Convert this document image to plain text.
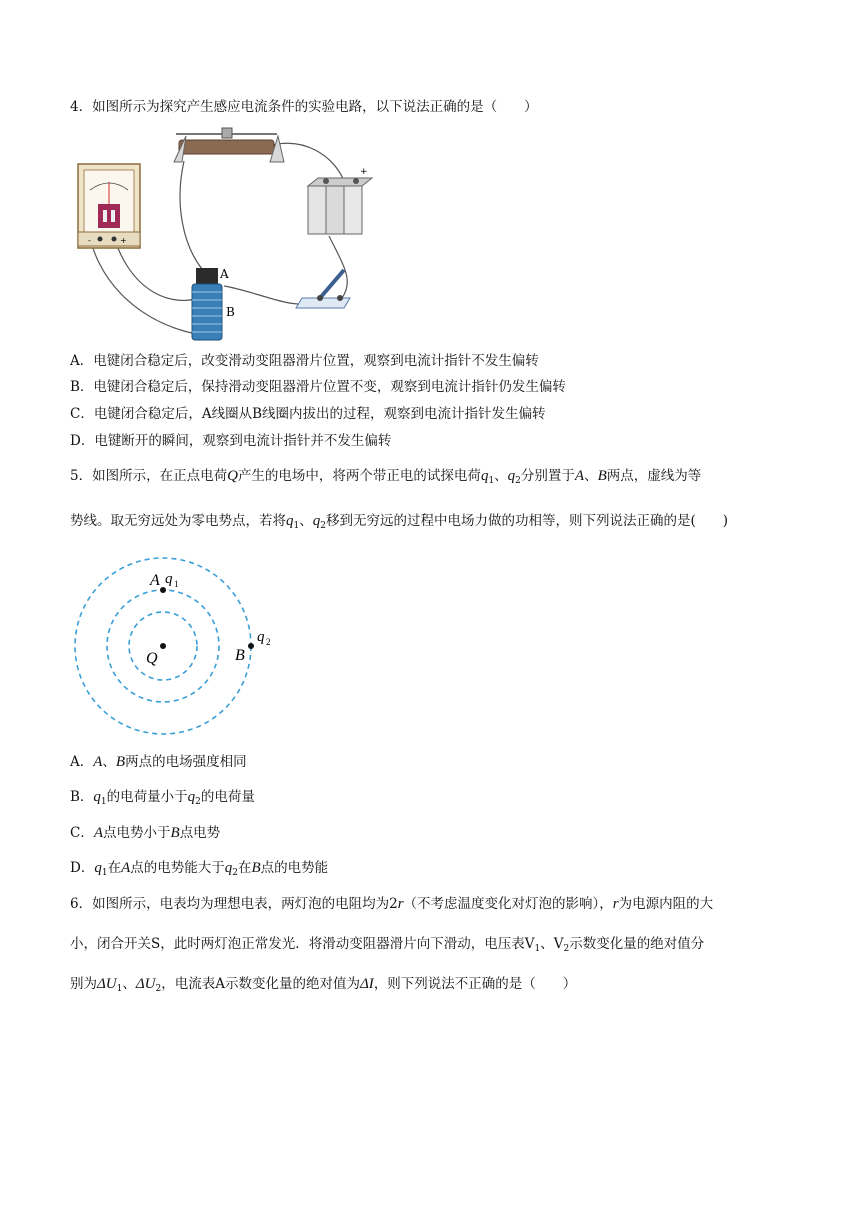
4．如图所示为探究产生感应电流条件的实验电路，以下说法正确的是（　　）
-	+
+
A
B
A．电键闭合稳定后，改变滑动变阻器滑片位置，观察到电流计指针不发生偏转
B．电键闭合稳定后，保持滑动变阻器滑片位置不变，观察到电流计指针仍发生偏转
C．电键闭合稳定后，A线圈从B线圈内拔出的过程，观察到电流计指针发生偏转
D．电键断开的瞬间，观察到电流计指针并不发生偏转
5．如图所示，在正点电荷Q产生的电场中，将两个带正电的试探电荷$q_1$、$q_2$分别置于A、B两点，虚线为等
势线。取无穷远处为零电势点，若将$q_1$、$q_2$移到无穷远的过程中电场力做的功相等，则下列说法正确的是(　　)
Q
A q 1
B
q 2
A．A、B两点的电场强度相同
B．$q_1$的电荷量小于$q_2$的电荷量
C．A点电势小于B点电势
D．$q_1$在A点的电势能大于$q_2$在B点的电势能
6．如图所示，电表均为理想电表，两灯泡的电阻均为2r（不考虑温度变化对灯泡的影响），r为电源内阻的大
小，闭合开关S，此时两灯泡正常发光．将滑动变阻器滑片向下滑动，电压表$V_1$、$V_2$示数变化量的绝对值分
别为$\Delta U_1$、$\Delta U_2$，电流表A示数变化量的绝对值为ΔI，则下列说法不正确的是（　　）
